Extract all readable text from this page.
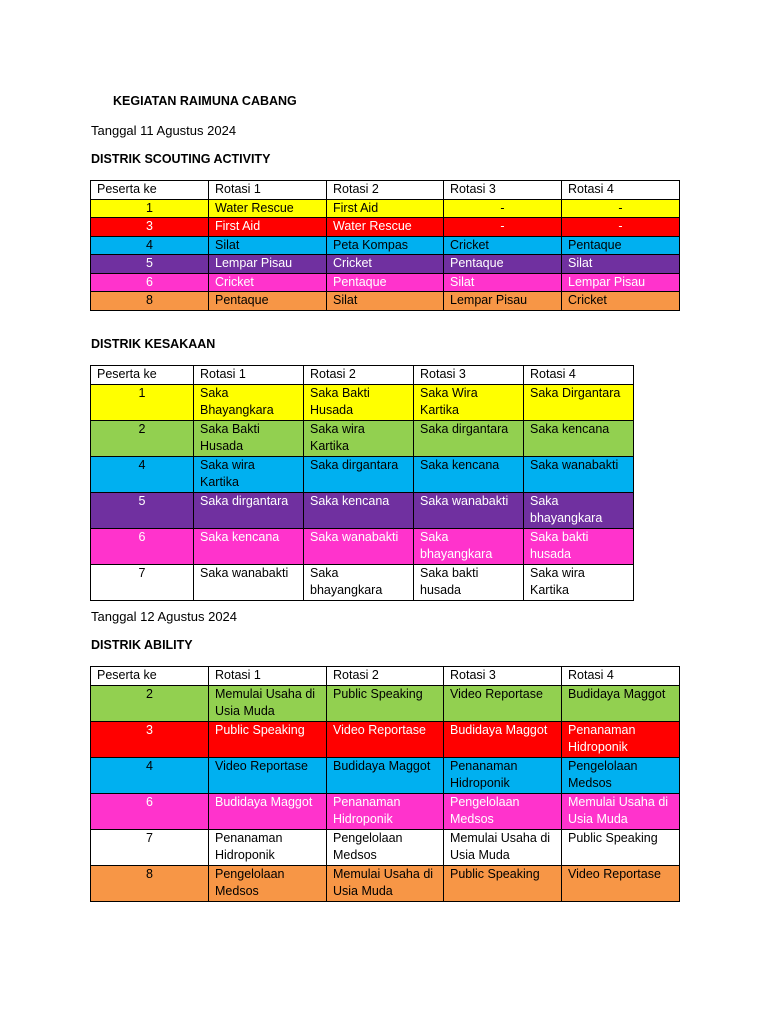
KEGIATAN RAIMUNA CABANG
Tanggal 11 Agustus 2024
DISTRIK SCOUTING ACTIVITY
Peserta ke	Rotasi 1	Rotasi 2	Rotasi 3	Rotasi 4
1	Water Rescue	First Aid	-	-
3	First Aid	Water Rescue	-	-
4	Silat	Peta Kompas	Cricket	Pentaque
5	Lempar Pisau	Cricket	Pentaque	Silat
6	Cricket	Pentaque	Silat	Lempar Pisau
8	Pentaque	Silat	Lempar Pisau	Cricket
DISTRIK KESAKAAN
Peserta ke	Rotasi 1	Rotasi 2	Rotasi 3	Rotasi 4
1	Saka Bhayangkara	Saka Bakti Husada	Saka Wira Kartika	Saka Dirgantara
2	Saka Bakti Husada	Saka wira Kartika	Saka dirgantara	Saka kencana
4	Saka wira Kartika	Saka dirgantara	Saka kencana	Saka wanabakti
5	Saka dirgantara	Saka kencana	Saka wanabakti	Saka bhayangkara
6	Saka kencana	Saka wanabakti	Saka bhayangkara	Saka bakti husada
7	Saka wanabakti	Saka bhayangkara	Saka bakti husada	Saka wira Kartika
Tanggal 12 Agustus 2024
DISTRIK ABILITY
Peserta ke	Rotasi 1	Rotasi 2	Rotasi 3	Rotasi 4
2	Memulai Usaha di Usia Muda	Public Speaking	Video Reportase	Budidaya Maggot
3	Public Speaking	Video Reportase	Budidaya Maggot	Penanaman Hidroponik
4	Video Reportase	Budidaya Maggot	Penanaman Hidroponik	Pengelolaan Medsos
6	Budidaya Maggot	Penanaman Hidroponik	Pengelolaan Medsos	Memulai Usaha di Usia Muda
7	Penanaman Hidroponik	Pengelolaan Medsos	Memulai Usaha di Usia Muda	Public Speaking
8	Pengelolaan Medsos	Memulai Usaha di Usia Muda	Public Speaking	Video Reportase
